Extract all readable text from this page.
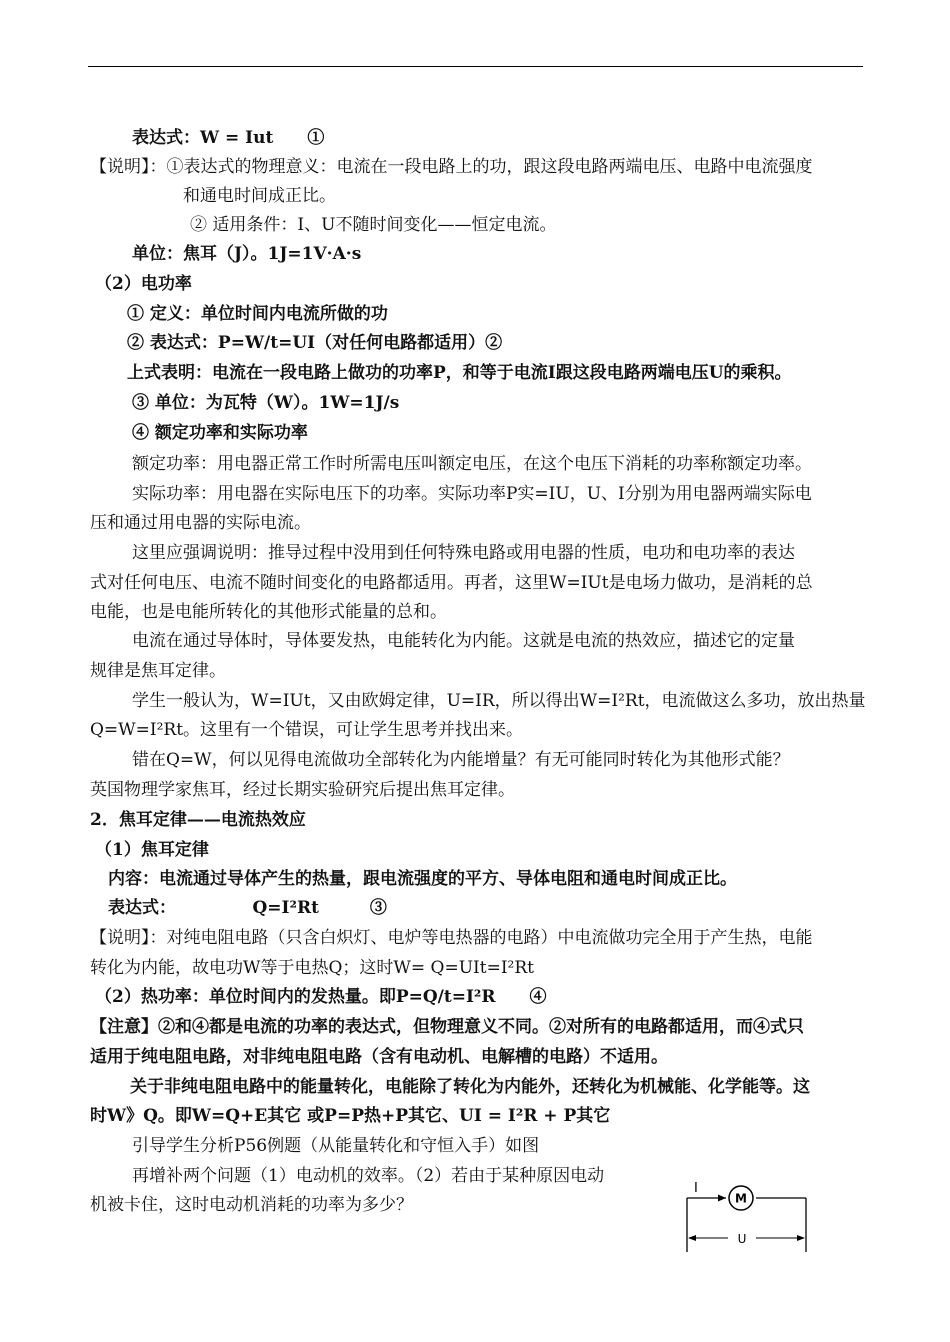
表达式：W = Iut　　①
【说明】：①表达式的物理意义：电流在一段电路上的功，跟这段电路两端电压、电路中电流强度
和通电时间成正比。
② 适用条件：I、U不随时间变化——恒定电流。
单位：焦耳（J）。1J=1V·A·s
（2）电功率
① 定义：单位时间内电流所做的功
② 表达式：P=W/t=UI（对任何电路都适用）②
上式表明：电流在一段电路上做功的功率P，和等于电流I跟这段电路两端电压U的乘积。
③ 单位：为瓦特（W）。1W=1J/s
④ 额定功率和实际功率
额定功率：用电器正常工作时所需电压叫额定电压，在这个电压下消耗的功率称额定功率。
实际功率：用电器在实际电压下的功率。实际功率P实=IU，U、I分别为用电器两端实际电
压和通过用电器的实际电流。
这里应强调说明：推导过程中没用到任何特殊电路或用电器的性质，电功和电功率的表达
式对任何电压、电流不随时间变化的电路都适用。再者，这里W=IUt是电场力做功，是消耗的总
电能，也是电能所转化的其他形式能量的总和。
电流在通过导体时，导体要发热，电能转化为内能。这就是电流的热效应，描述它的定量
规律是焦耳定律。
学生一般认为，W=IUt，又由欧姆定律，U=IR，所以得出W=I²Rt，电流做这么多功，放出热量
Q=W=I²Rt。这里有一个错误，可让学生思考并找出来。
错在Q=W，何以见得电流做功全部转化为内能增量？有无可能同时转化为其他形式能？
英国物理学家焦耳，经过长期实验研究后提出焦耳定律。
2．焦耳定律——电流热效应
（1）焦耳定律
内容：电流通过导体产生的热量，跟电流强度的平方、导体电阻和通电时间成正比。
表达式：　　　　　Q=I²Rt　　　③
【说明】：对纯电阻电路（只含白炽灯、电炉等电热器的电路）中电流做功完全用于产生热，电能
转化为内能，故电功W等于电热Q；这时W= Q=UIt=I²Rt
（2）热功率：单位时间内的发热量。即P=Q/t=I²R　　④
【注意】②和④都是电流的功率的表达式，但物理意义不同。②对所有的电路都适用，而④式只
适用于纯电阻电路，对非纯电阻电路（含有电动机、电解槽的电路）不适用。
关于非纯电阻电路中的能量转化，电能除了转化为内能外，还转化为机械能、化学能等。这
时W》Q。即W=Q+E其它 或P=P热+P其它、UI = I²R + P其它
引导学生分析P56例题（从能量转化和守恒入手）如图
再增补两个问题（1）电动机的效率。（2）若由于某种原因电动
机被卡住，这时电动机消耗的功率为多少？
I
M
U
